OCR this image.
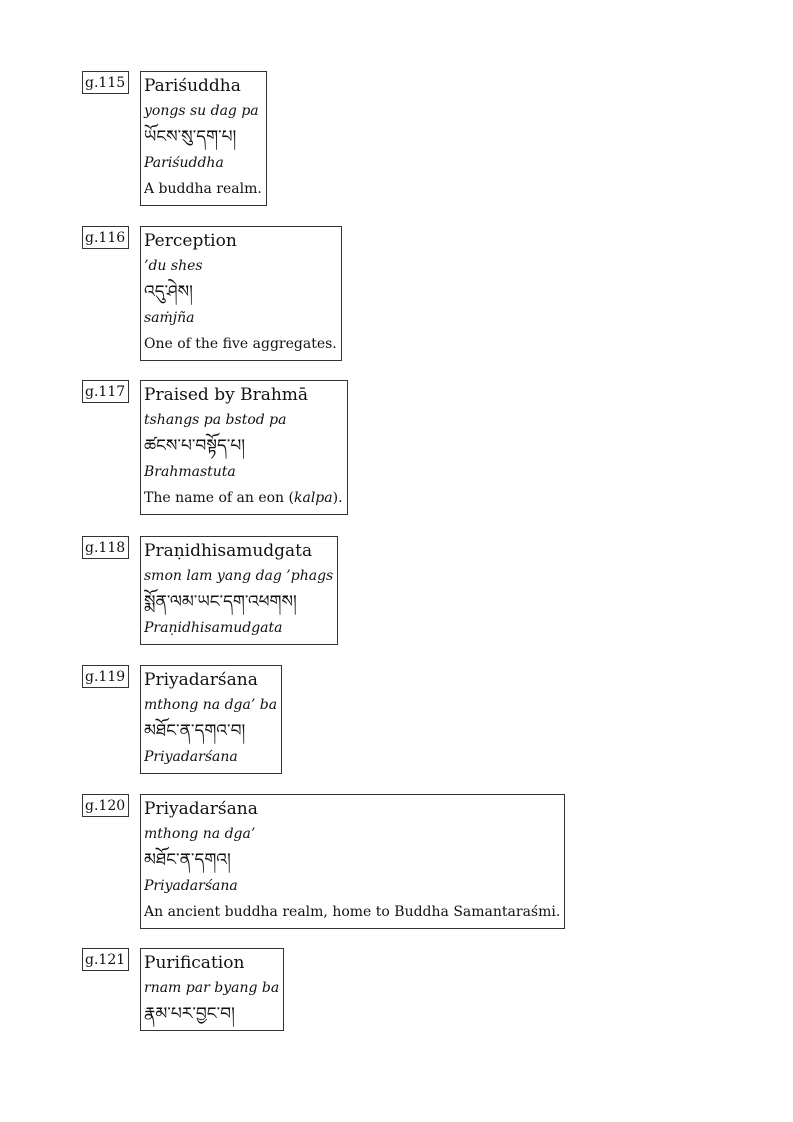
g.115 Pariśuddha
yongs su dag pa
ཡོངས་སུ་དག་པ།
Pariśuddha
A buddha realm.
g.116 Perception
’du shes
འདུ་ཤེས།
saṁjña
One of the five aggregates.
g.117 Praised by Brahmā
tshangs pa bstod pa
ཚངས་པ་བསྟོད་པ།
Brahmastuta
The name of an eon (kalpa).
g.118 Praṇidhisamudgata
smon lam yang dag ’phags
སྨོན་ལམ་ཡང་དག་འཕགས།
Praṇidhisamudgata
g.119 Priyadarśana
mthong na dga’ ba
མཐོང་ན་དགའ་བ།
Priyadarśana
g.120 Priyadarśana
mthong na dga’
མཐོང་ན་དགའ།
Priyadarśana
An ancient buddha realm, home to Buddha Samantaraśmi.
g.121 Purification
rnam par byang ba
རྣམ་པར་བྱང་བ།
